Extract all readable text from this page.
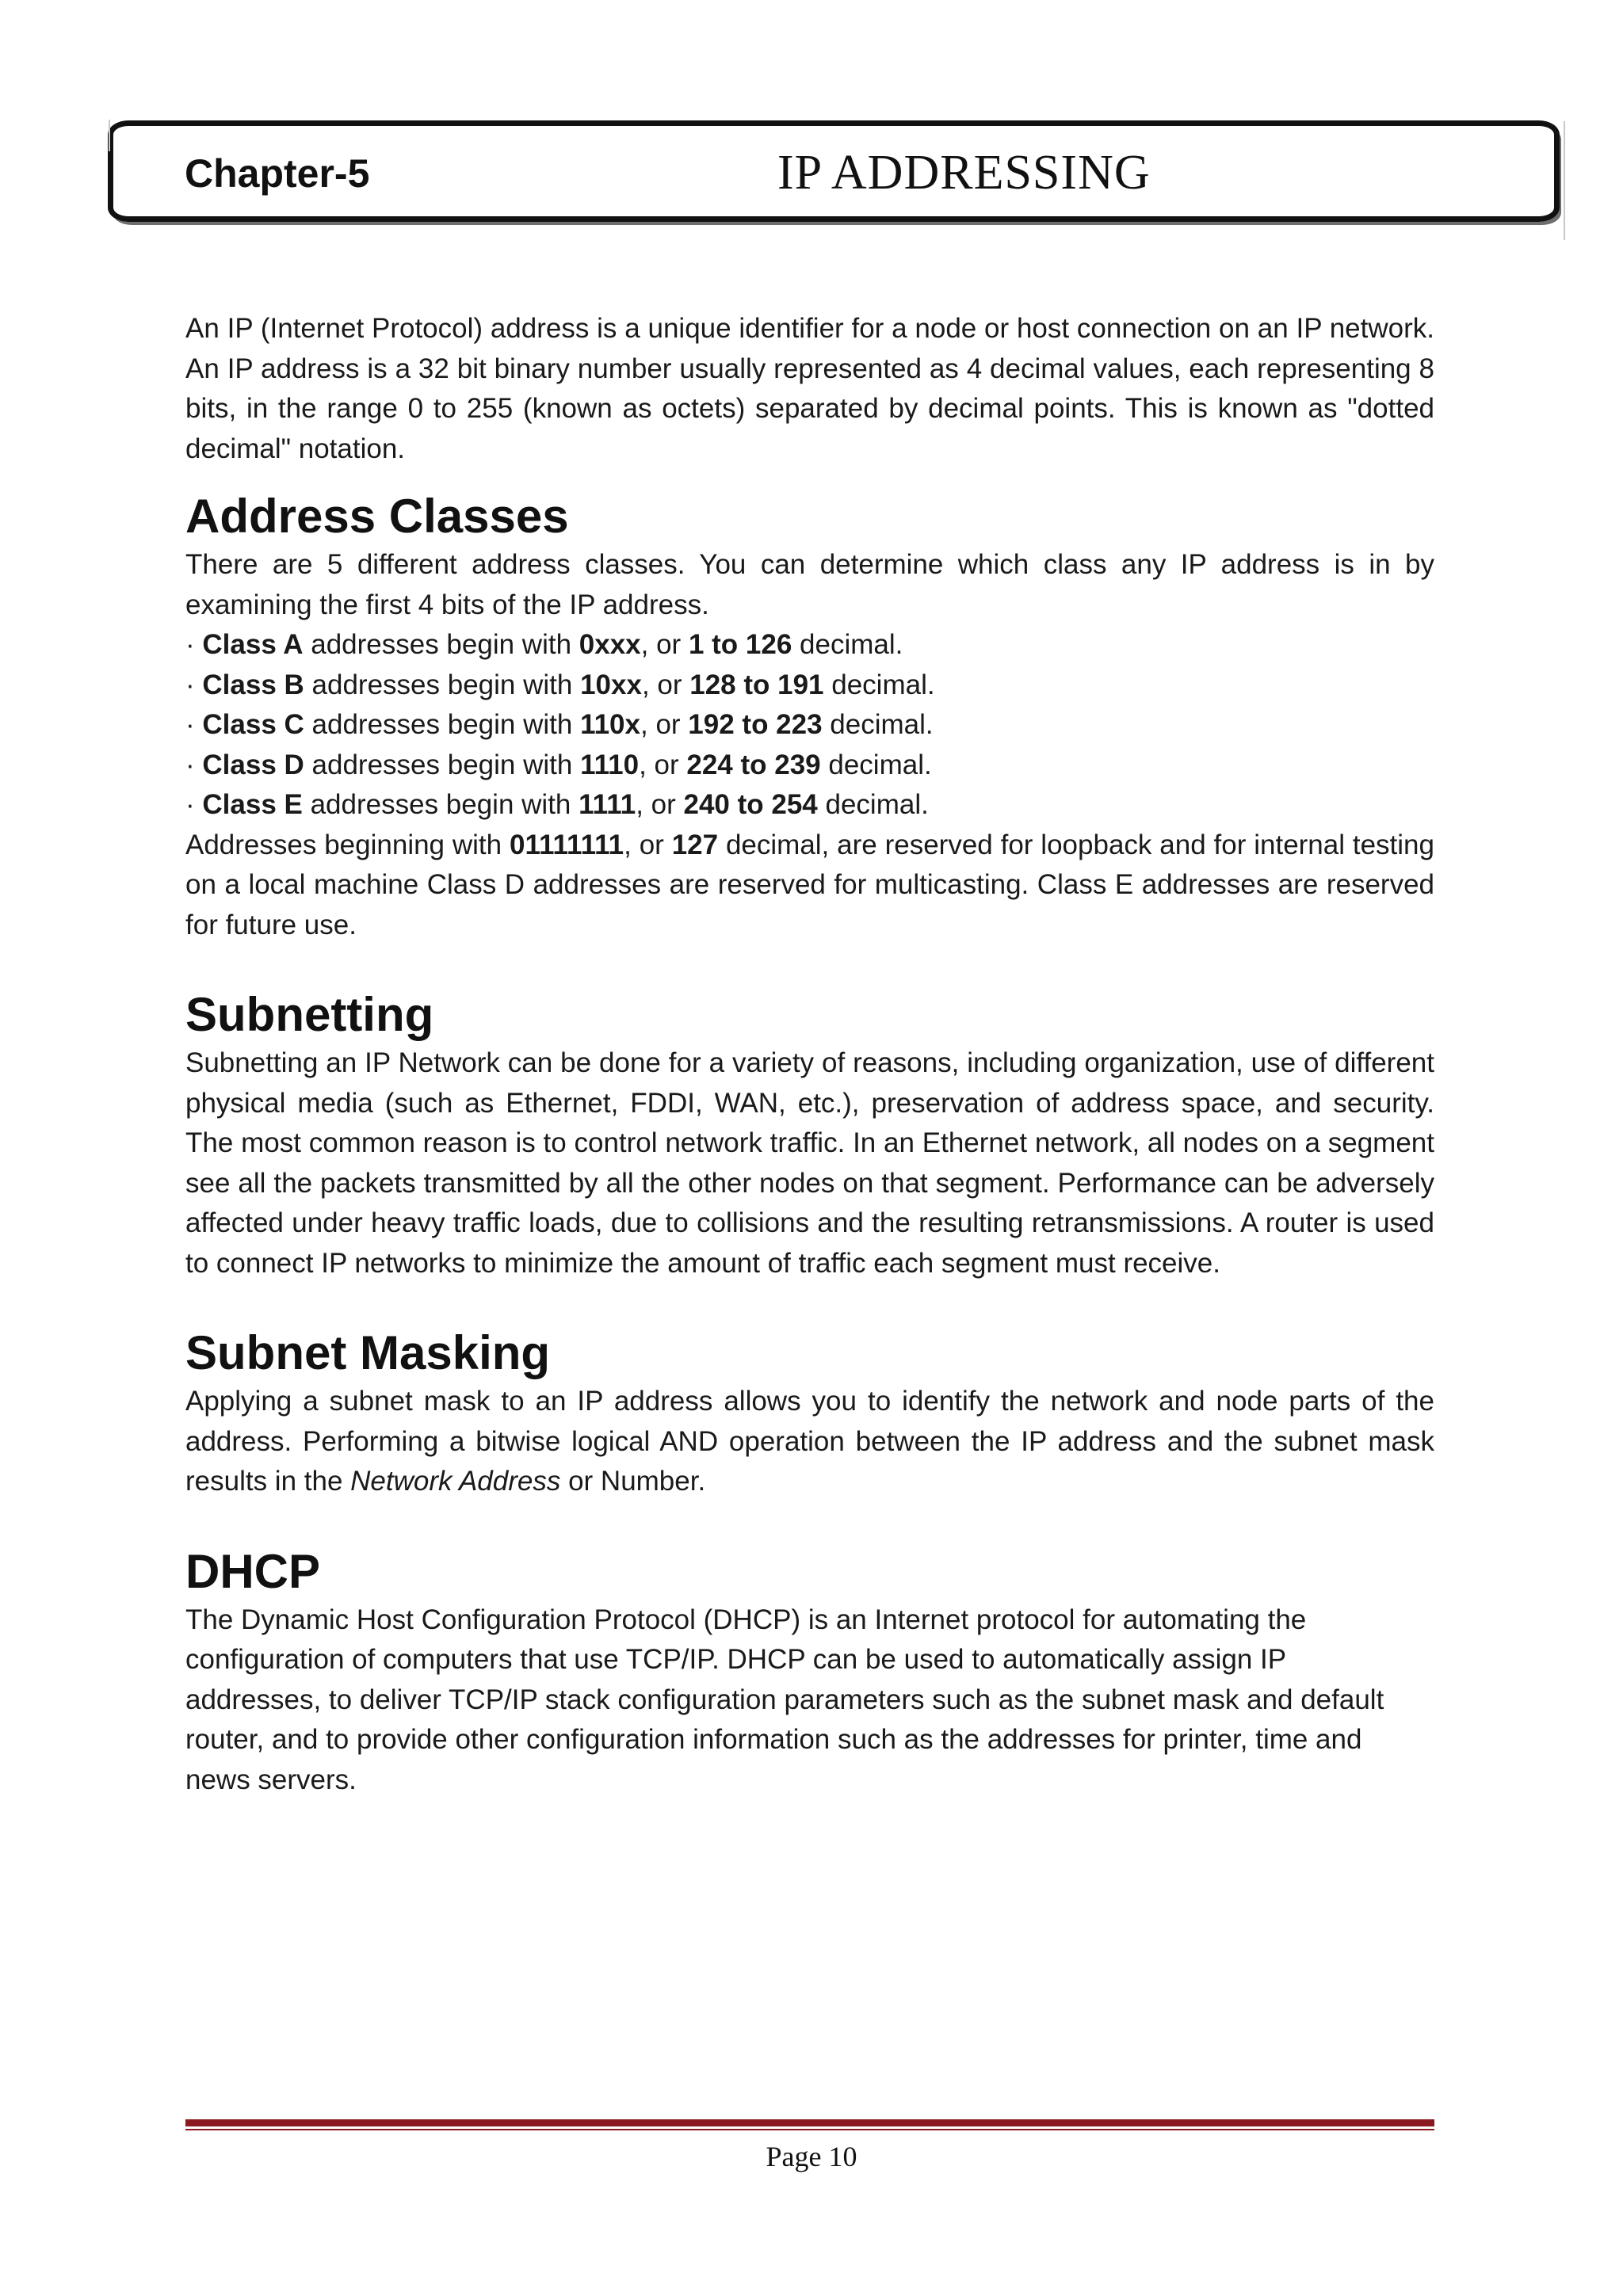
Chapter-5	IP ADDRESSING

An IP (Internet Protocol) address is a unique identifier for a node or host connection on an IP network. An IP address is a 32 bit binary number usually represented as 4 decimal values, each representing 8 bits, in the range 0 to 255 (known as octets) separated by decimal points. This is known as "dotted decimal" notation.

Address Classes

There are 5 different address classes. You can determine which class any IP address is in by examining the first 4 bits of the IP address.

· Class A addresses begin with 0xxx, or 1 to 126 decimal.
· Class B addresses begin with 10xx, or 128 to 191 decimal.
· Class C addresses begin with 110x, or 192 to 223 decimal.
· Class D addresses begin with 1110, or 224 to 239 decimal.
· Class E addresses begin with 1111, or 240 to 254 decimal.

Addresses beginning with 01111111, or 127 decimal, are reserved for loopback and for internal testing on a local machine Class D addresses are reserved for multicasting. Class E addresses are reserved for future use.

Subnetting

Subnetting an IP Network can be done for a variety of reasons, including organization, use of different physical media (such as Ethernet, FDDI, WAN, etc.), preservation of address space, and security. The most common reason is to control network traffic. In an Ethernet network, all nodes on a segment see all the packets transmitted by all the other nodes on that segment. Performance can be adversely affected under heavy traffic loads, due to collisions and the resulting retransmissions. A router is used to connect IP networks to minimize the amount of traffic each segment must receive.

Subnet Masking

Applying a subnet mask to an IP address allows you to identify the network and node parts of the address. Performing a bitwise logical AND operation between the IP address and the subnet mask results in the Network Address or Number.

DHCP

The Dynamic Host Configuration Protocol (DHCP) is an Internet protocol for automating the configuration of computers that use TCP/IP. DHCP can be used to automatically assign IP addresses, to deliver TCP/IP stack configuration parameters such as the subnet mask and default router, and to provide other configuration information such as the addresses for printer, time and news servers.

Page 10
